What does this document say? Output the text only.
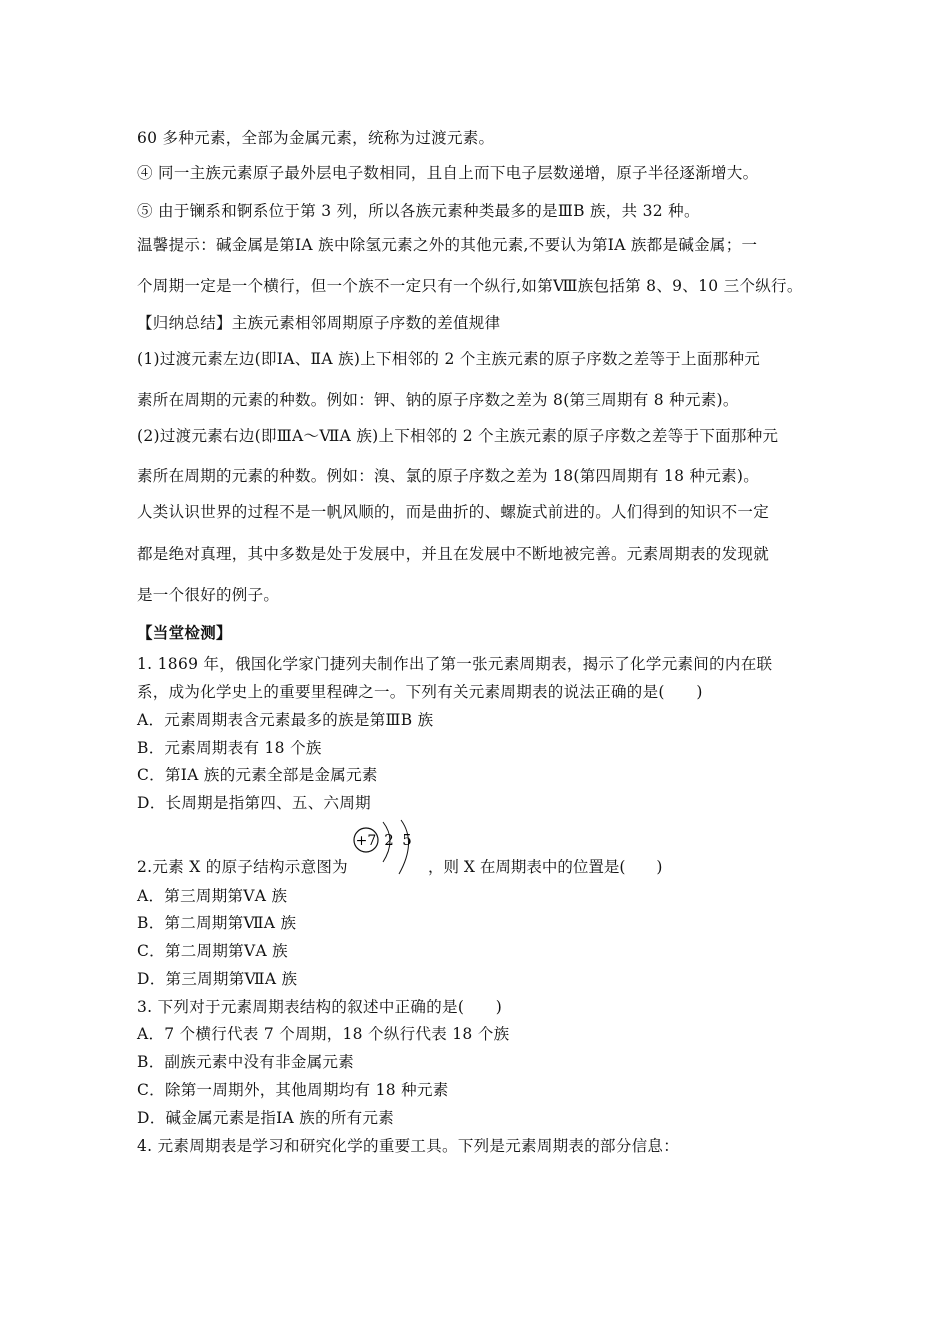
60 多种元素，全部为金属元素，统称为过渡元素。
④ 同一主族元素原子最外层电子数相同，且自上而下电子层数递增，原子半径逐渐增大。
⑤ 由于镧系和锕系位于第 3 列，所以各族元素种类最多的是ⅢB 族，共 32 种。
温馨提示：碱金属是第ⅠA 族中除氢元素之外的其他元素,不要认为第ⅠA 族都是碱金属；一
个周期一定是一个横行，但一个族不一定只有一个纵行,如第Ⅷ族包括第 8、9、10 三个纵行。
【归纳总结】主族元素相邻周期原子序数的差值规律
(1)过渡元素左边(即ⅠA、ⅡA 族)上下相邻的 2 个主族元素的原子序数之差等于上面那种元
素所在周期的元素的种数。例如：钾、钠的原子序数之差为 8(第三周期有 8 种元素)。
(2)过渡元素右边(即ⅢA～ⅦA 族)上下相邻的 2 个主族元素的原子序数之差等于下面那种元
素所在周期的元素的种数。例如：溴、氯的原子序数之差为 18(第四周期有 18 种元素)。
人类认识世界的过程不是一帆风顺的，而是曲折的、螺旋式前进的。人们得到的知识不一定
都是绝对真理，其中多数是处于发展中，并且在发展中不断地被完善。元素周期表的发现就
是一个很好的例子。
【当堂检测】
1. 1869 年，俄国化学家门捷列夫制作出了第一张元素周期表，揭示了化学元素间的内在联
系，成为化学史上的重要里程碑之一。下列有关元素周期表的说法正确的是(　　)
A．元素周期表含元素最多的族是第ⅢB 族
B．元素周期表有 18 个族
C．第ⅠA 族的元素全部是金属元素
D．长周期是指第四、五、六周期
2.元素 X 的原子结构示意图为
+7 2 5
，则 X 在周期表中的位置是(　　)
A．第三周期第ⅤA 族
B．第二周期第ⅦA 族
C．第二周期第ⅤA 族
D．第三周期第ⅦA 族
3. 下列对于元素周期表结构的叙述中正确的是(　　)
A．7 个横行代表 7 个周期，18 个纵行代表 18 个族
B．副族元素中没有非金属元素
C．除第一周期外，其他周期均有 18 种元素
D．碱金属元素是指ⅠA 族的所有元素
4. 元素周期表是学习和研究化学的重要工具。下列是元素周期表的部分信息：
